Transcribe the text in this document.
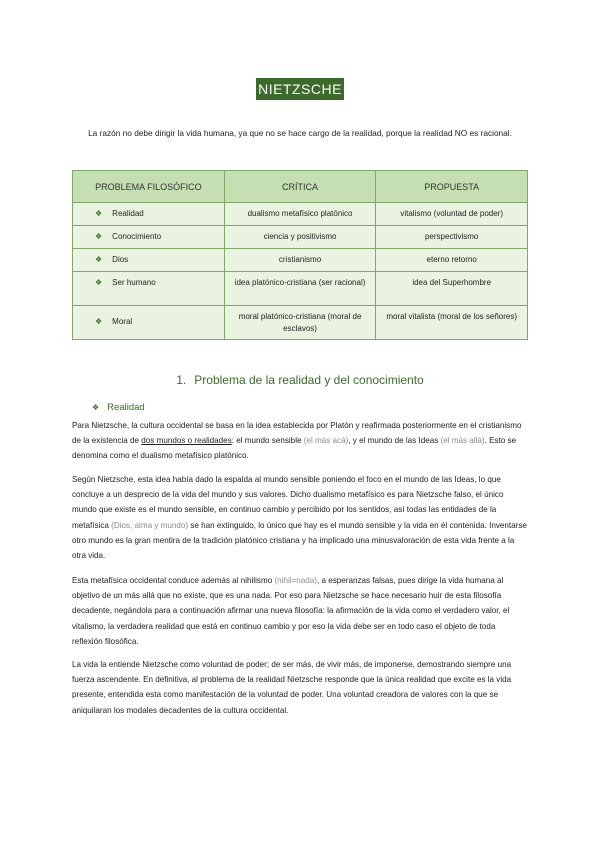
NIETZSCHE
La razón no debe dirigir la vida humana, ya que no se hace cargo de la realidad, porque la realidad NO es racional.
PROBLEMA FILOSÓFICO	CRÍTICA	PROPUESTA
❖ Realidad	dualismo metafísico platónico	vitalismo (voluntad de poder)
❖ Conocimiento	ciencia y positivismo	perspectivismo
❖ Dios	cristianismo	eterno retorno
❖ Ser humano	idea platónico-cristiana (ser racional)	idea del Superhombre
❖ Moral	moral platónico-cristiana (moral de esclavos)	moral vitalista (moral de los señores)
1. Problema de la realidad y del conocimiento
❖ Realidad
Para Nietzsche, la cultura occidental se basa en la idea establecida por Platón y reafirmada posteriormente en el cristianismo de la existencia de dos mundos o realidades: el mundo sensible (el más acá), y el mundo de las Ideas (el más allá). Esto se denomina como el dualismo metafísico platónico.
Según Nietzsche, esta idea había dado la espalda al mundo sensible poniendo el foco en el mundo de las Ideas, lo que concluye a un desprecio de la vida del mundo y sus valores. Dicho dualismo metafísico es para Nietzsche falso, el único mundo que existe es el mundo sensible, en continuo cambio y percibido por los sentidos, así todas las entidades de la metafísica (Dios, alma y mundo) se han extinguido, lo único que hay es el mundo sensible y la vida en él contenida. Inventarse otro mundo es la gran mentira de la tradición platónico cristiana y ha implicado una minusvaloración de esta vida frente a la otra vida.
Esta metafísica occidental conduce además al nihilismo (nihil=nada), a esperanzas falsas, pues dirige la vida humana al objetivo de un más allá que no existe, que es una nada. Por eso para Nietzsche se hace necesario huir de esta filosofía decadente, negándola para a continuación afirmar una nueva filosofía: la afirmación de la vida como el verdadero valor, el vitalismo, la verdadera realidad que está en continuo cambio y por eso la vida debe ser en todo caso el objeto de toda reflexión filosófica.
La vida la entiende Nietzsche como voluntad de poder; de ser más, de vivir más, de imponerse, demostrando siempre una fuerza ascendente. En definitiva, al problema de la realidad Nietzsche responde que la única realidad que excite es la vida presente, entendida esta como manifestación de la voluntad de poder. Una voluntad creadora de valores con la que se aniquilaran los modales decadentes de la cultura occidental.
